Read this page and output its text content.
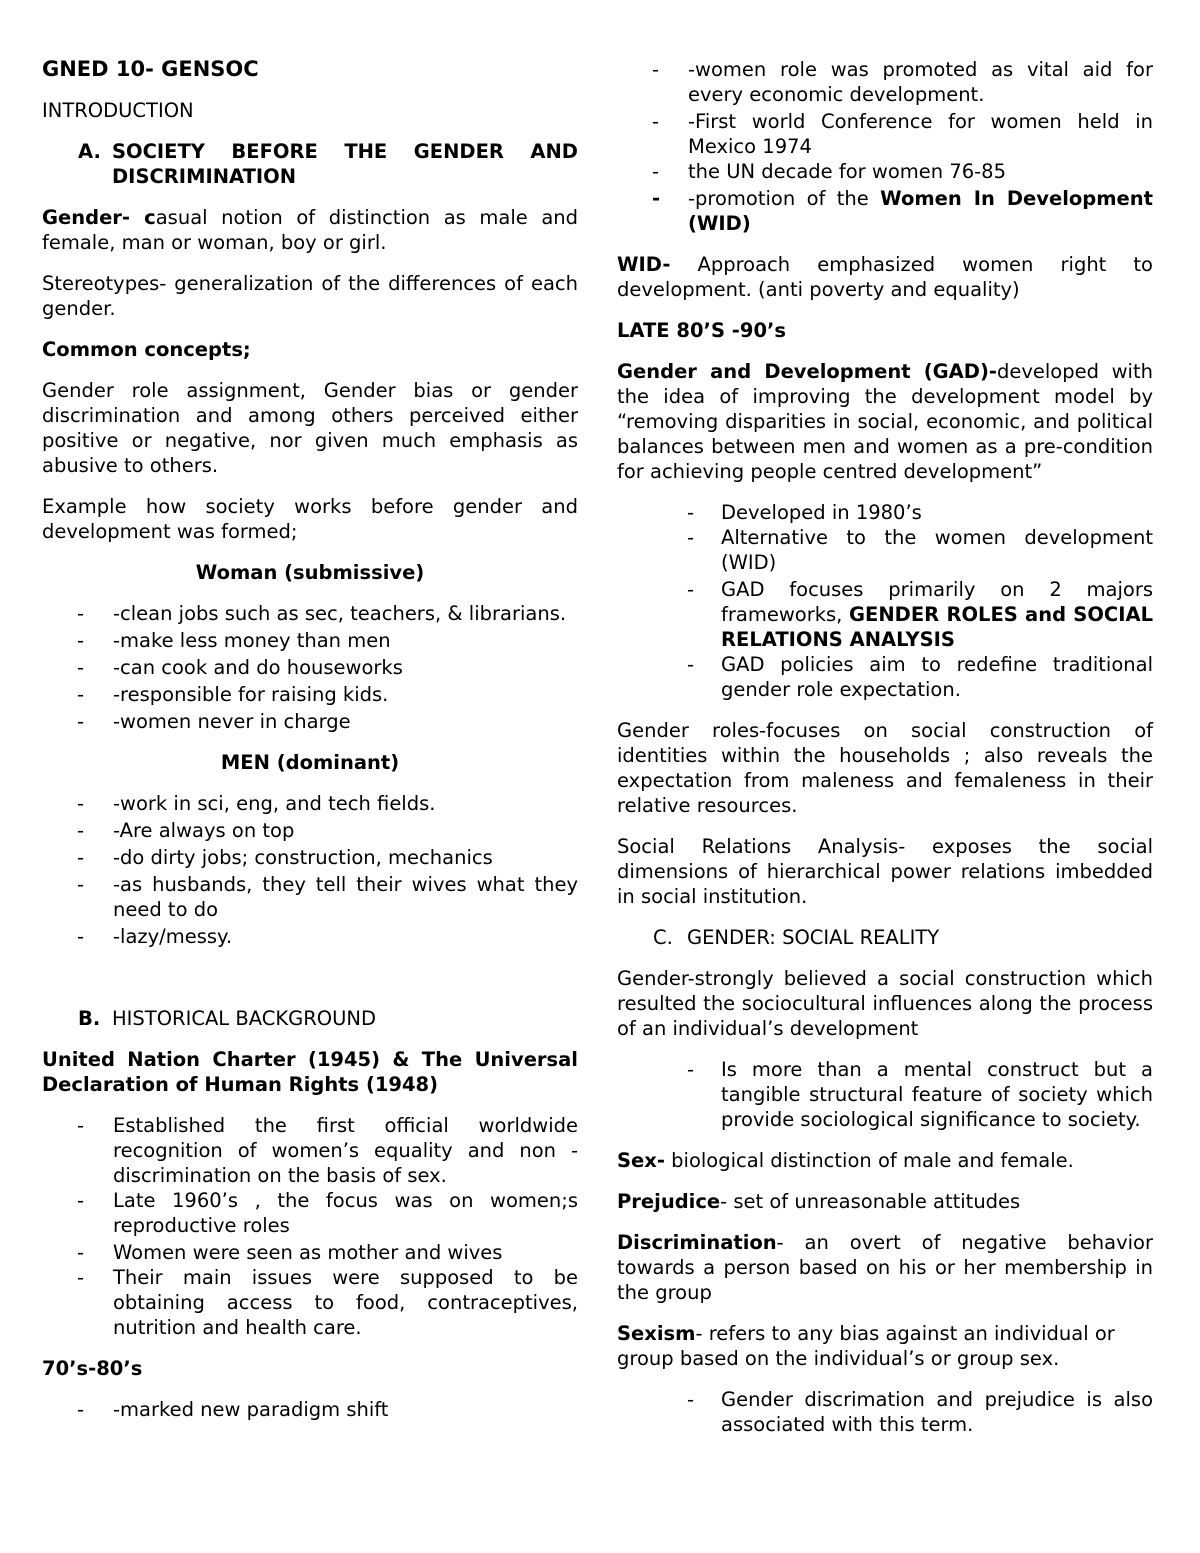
GNED 10- GENSOC

INTRODUCTION

A. SOCIETY BEFORE THE GENDER AND DISCRIMINATION

Gender- casual notion of distinction as male and female, man or woman, boy or girl.

Stereotypes- generalization of the differences of each gender.

Common concepts;

Gender role assignment, Gender bias or gender discrimination and among others perceived either positive or negative, nor given much emphasis as abusive to others.

Example how society works before gender and development was formed;

Woman (submissive)

- -clean jobs such as sec, teachers, & librarians.
- -make less money than men
- -can cook and do houseworks
- -responsible for raising kids.
- -women never in charge

MEN (dominant)

- -work in sci, eng, and tech fields.
- -Are always on top
- -do dirty jobs; construction, mechanics
- -as husbands, they tell their wives what they need to do
- -lazy/messy.
B. HISTORICAL BACKGROUND

United Nation Charter (1945) & The Universal Declaration of Human Rights (1948)

- Established the first official worldwide recognition of women’s equality and non -discrimination on the basis of sex.
- Late 1960’s , the focus was on women;s reproductive roles
- Women were seen as mother and wives
- Their main issues were supposed to be obtaining access to food, contraceptives, nutrition and health care.

70’s-80’s

- -marked new paradigm shift
- -women role was promoted as vital aid for every economic development.
- -First world Conference for women held in Mexico 1974
- the UN decade for women 76-85
- -promotion of the Women In Development (WID)

WID- Approach emphasized women right to development. (anti poverty and equality)

LATE 80’S -90’s

Gender and Development (GAD)-developed with the idea of improving the development model by “removing disparities in social, economic, and political balances between men and women as a pre-condition for achieving people centred development”

- Developed in 1980’s
- Alternative to the women development (WID)
- GAD focuses primarily on 2 majors frameworks, GENDER ROLES and SOCIAL RELATIONS ANALYSIS
- GAD policies aim to redefine traditional gender role expectation.

Gender roles-focuses on social construction of identities within the households ; also reveals the expectation from maleness and femaleness in their relative resources.

Social Relations Analysis- exposes the social dimensions of hierarchical power relations imbedded in social institution.

C. GENDER: SOCIAL REALITY

Gender-strongly believed a social construction which resulted the sociocultural influences along the process of an individual’s development

- Is more than a mental construct but a tangible structural feature of society which provide sociological significance to society.

Sex- biological distinction of male and female.

Prejudice- set of unreasonable attitudes

Discrimination- an overt of negative behavior towards a person based on his or her membership in the group

Sexism- refers to any bias against an individual or group based on the individual’s or group sex.

- Gender discrimation and prejudice is also associated with this term.
